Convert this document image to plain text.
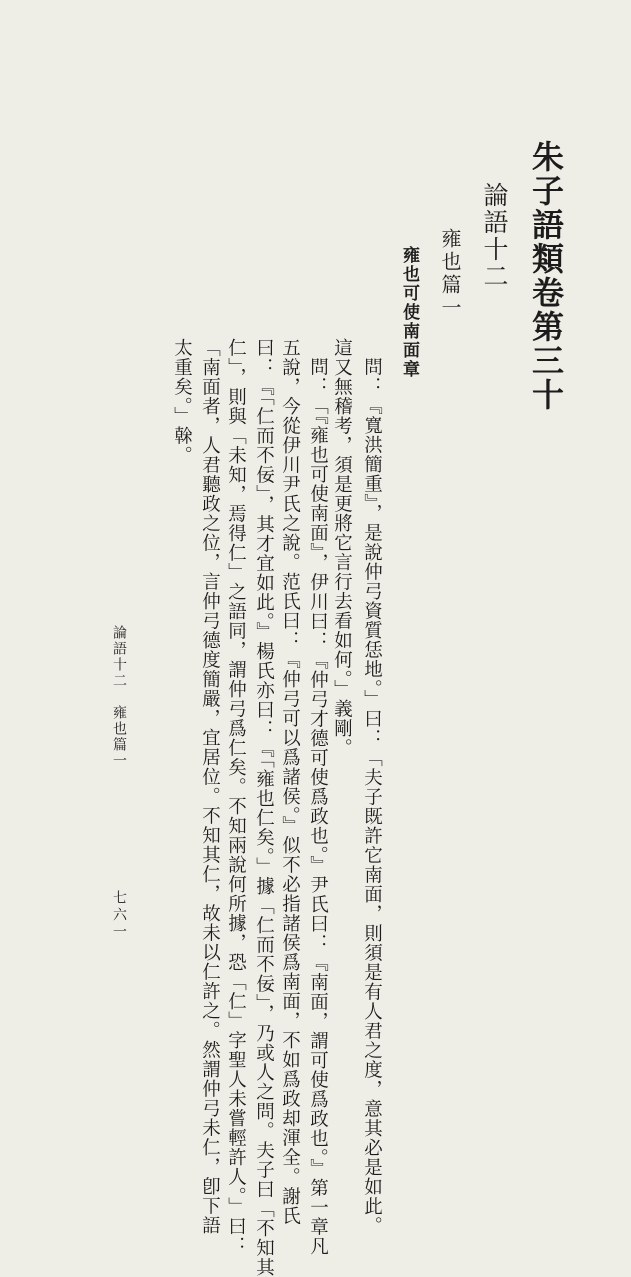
朱子語類卷第三十
論語十二
雍也篇一
雍也可使南面章
問：『寬洪簡重』，是說仲弓資質恁地。」曰：「夫子既許它南面，則須是有人君之度，意其必是如此。
這又無稽考，須是更將它言行去看如何。」義剛。
問：「『雍也可使南面』，伊川曰：『仲弓才德可使爲政也。』尹氏曰：『南面，謂可使爲政也。』第一章凡
五說，今從伊川尹氏之說。范氏曰：『仲弓可以爲諸侯。』似不必指諸侯爲南面，不如爲政却渾全。謝氏
曰：『「仁而不佞」，其才宜如此。』楊氏亦曰：『「雍也仁矣。」據「仁而不佞」，乃或人之問。夫子曰「不知其
仁」，則與「未知，焉得仁」之語同，謂仲弓爲仁矣。不知兩說何所據，恐「仁」字聖人未嘗輕許人。」曰：
「南面者，人君聽政之位，言仲弓德度簡嚴，宜居位。不知其仁，故未以仁許之。然謂仲弓未仁，卽下語
太重矣。」榦。
論語十二　雍也篇一
七六一
